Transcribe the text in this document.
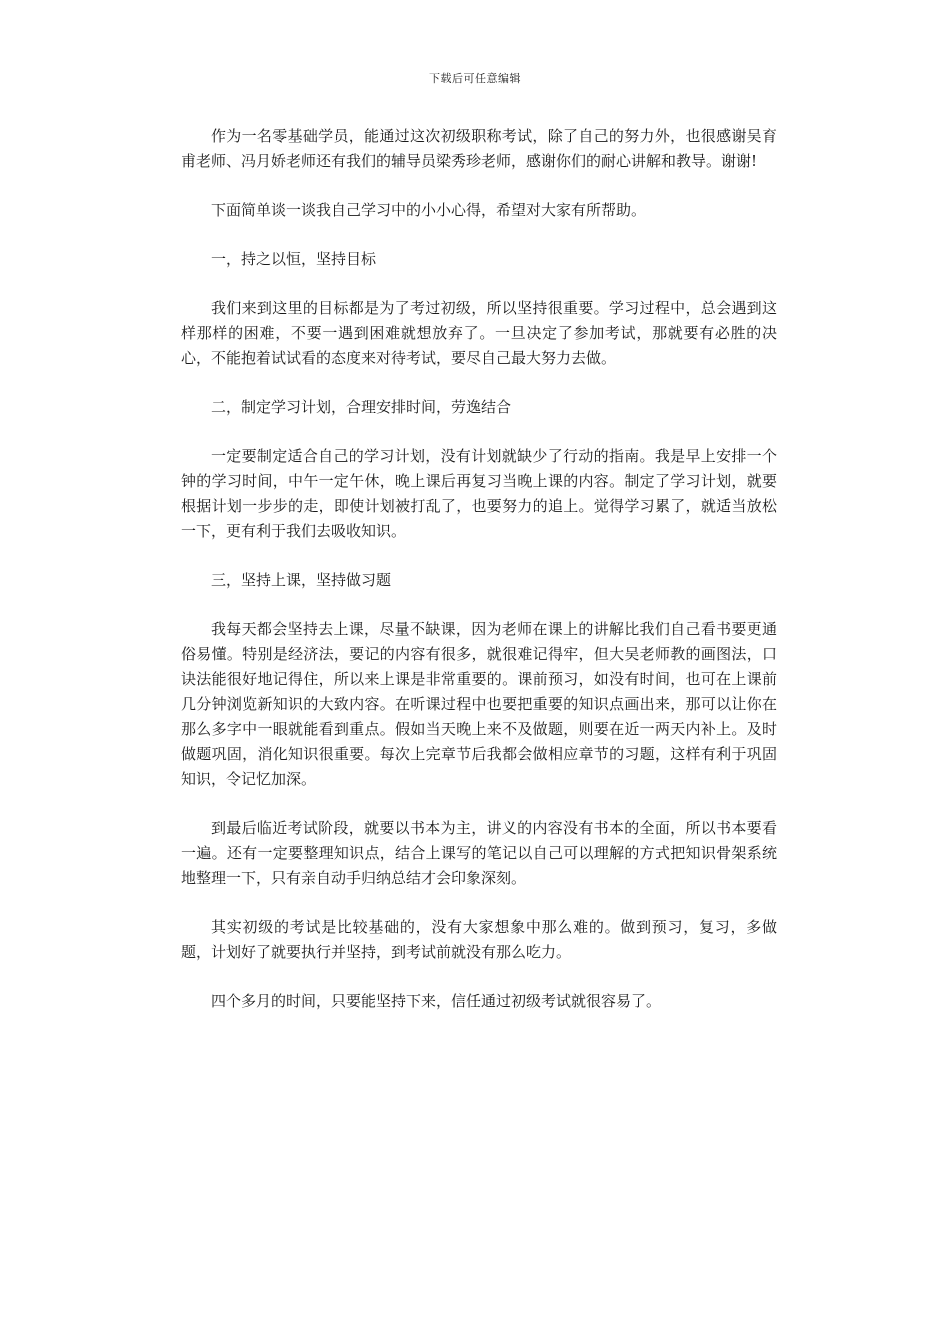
下载后可任意编辑

作为一名零基础学员，能通过这次初级职称考试，除了自己的努力外，也很感谢吴育甫老师、冯月娇老师还有我们的辅导员梁秀珍老师，感谢你们的耐心讲解和教导。谢谢!

下面简单谈一谈我自己学习中的小小心得，希望对大家有所帮助。

一，持之以恒，坚持目标

我们来到这里的目标都是为了考过初级，所以坚持很重要。学习过程中，总会遇到这样那样的困难，不要一遇到困难就想放弃了。一旦决定了参加考试，那就要有必胜的决心，不能抱着试试看的态度来对待考试，要尽自己最大努力去做。

二，制定学习计划，合理安排时间，劳逸结合

一定要制定适合自己的学习计划，没有计划就缺少了行动的指南。我是早上安排一个钟的学习时间，中午一定午休，晚上课后再复习当晚上课的内容。制定了学习计划，就要根据计划一步步的走，即使计划被打乱了，也要努力的追上。觉得学习累了，就适当放松一下，更有利于我们去吸收知识。

三，坚持上课，坚持做习题

我每天都会坚持去上课，尽量不缺课，因为老师在课上的讲解比我们自己看书要更通俗易懂。特别是经济法，要记的内容有很多，就很难记得牢，但大吴老师教的画图法，口诀法能很好地记得住，所以来上课是非常重要的。课前预习，如没有时间，也可在上课前几分钟浏览新知识的大致内容。在听课过程中也要把重要的知识点画出来，那可以让你在那么多字中一眼就能看到重点。假如当天晚上来不及做题，则要在近一两天内补上。及时做题巩固，消化知识很重要。每次上完章节后我都会做相应章节的习题，这样有利于巩固知识，令记忆加深。

到最后临近考试阶段，就要以书本为主，讲义的内容没有书本的全面，所以书本要看一遍。还有一定要整理知识点，结合上课写的笔记以自己可以理解的方式把知识骨架系统地整理一下，只有亲自动手归纳总结才会印象深刻。

其实初级的考试是比较基础的，没有大家想象中那么难的。做到预习，复习，多做题，计划好了就要执行并坚持，到考试前就没有那么吃力。

四个多月的时间，只要能坚持下来，信任通过初级考试就很容易了。
